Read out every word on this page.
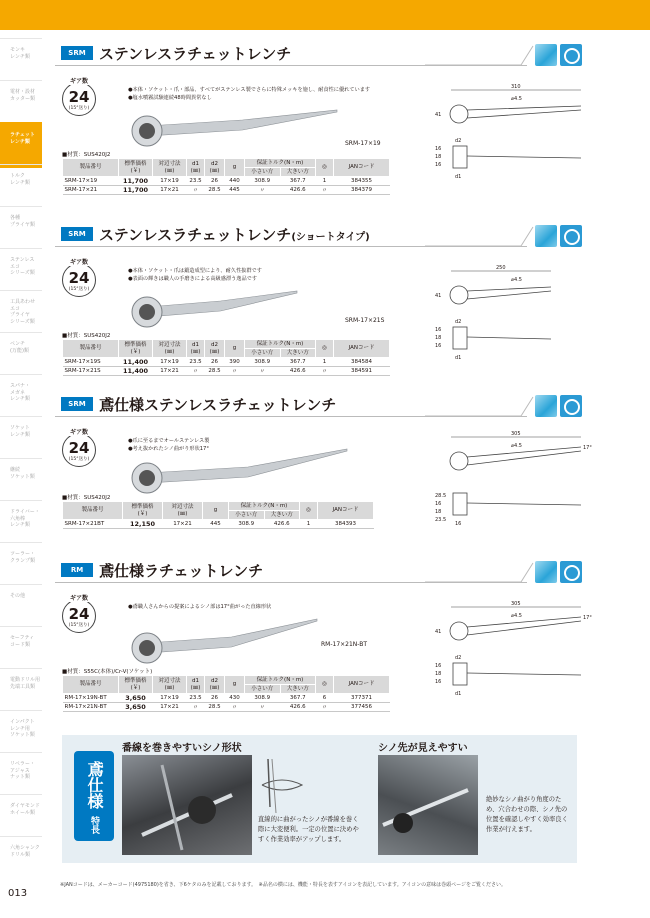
モンキ
レンチ類
電材・設材
カッター類
ラチェット
レンチ類
トルク
レンチ類
各種
プライヤ類
ステンレス
エコ
シリーズ類
工具あわせ
エコ
プライヤ
シリーズ類
ペンチ
(万能)類
スパナ・
メガネ
レンチ類
ソケット
レンチ類
継続
ソケット類
ドライバー・
六角棒
レンチ類
ツーラー・
クランプ類
その他
セーフティ
コード類
電動ドリル用
先端工具類
インパクト
レンチ用
ソケット類
リペラー・
アジャス
ナット類
ダイヤモンド
ホイール類
六角シャンク
ドリル類
SRM ステンレスラチェットレンチ
ギア数
24
(15°送り)
●本体・ソケット・爪・部品、すべてがステンレス製でさらに特殊メッキを施し、耐食性に優れています
●塩水噴霧試験連続48時間異常なし
SRM-17×19
■材質：SUS420J2
製品番号	標準価格
(￥)	対辺寸法
(㎜)	d1
(㎜)	d2
(㎜)	g	保証トルク(N・m)		◎	JANコード
						小さい方	大きい方		
SRM-17×19	11,700	17×19	23.5	26	440	308.9	367.7	1	384355
SRM-17×21	11,700	17×21	〃	28.5	445	〃	426.6	〃	384379
310
⌀4.5
41
d2
16
18
16
d1
SRM ステンレスラチェットレンチ(ショートタイプ)
ギア数
24
(15°送り)
●本体・ソケット・爪は鍛造成型により、耐久性抜群です
●表面の輝きは職人の手磨きによる高級感漂う逸品です
SRM-17×21S
■材質：SUS420J2
製品番号	標準価格
(￥)	対辺寸法
(㎜)	d1
(㎜)	d2
(㎜)	g	保証トルク(N・m)		◎	JANコード
						小さい方	大きい方		
SRM-17×19S	11,400	17×19	23.5	26	390	308.9	367.7	1	384584
SRM-17×21S	11,400	17×21	〃	28.5	〃	〃	426.6	〃	384591
250
⌀4.5
41
d2
16
18
16
d1
SRM 鳶仕様ステンレスラチェットレンチ
ギア数
24
(15°送り)
●爪に至るまでオールステンレス製
●考え抜かれたシノ曲がり形状17°
■材質：SUS420J2
製品番号	標準価格
(￥)	対辺寸法
(㎜)	g	保証トルク(N・m)		◎	JANコード
				小さい方	大きい方		
SRM-17×21BT	12,150	17×21	445	308.9	426.6	1	384393
305
⌀4.5	17°
28.5
16
18
16
23.5
RM	鳶仕様ラチェットレンチ
ギア数
24
(15°送り)
●鳶職人さんからの提案によるシノ部は17°曲がった直線形状
RM-17×21N-BT
■材質：S55C(本体)/Cr-V(ソケット)
製品番号	標準価格
(￥)	対辺寸法
(㎜)	d1
(㎜)	d2
(㎜)	g	保証トルク(N・m)		◎	JANコード
						小さい方	大きい方		
RM-17×19N-BT	3,650	17×19	23.5	26	430	308.9	367.7	6	377371
RM-17×21N-BT	3,650	17×21	〃	28.5	〃	〃	426.6	〃	377456
305
⌀4.5	17°
41
d2
16
18
16
d1
鳶仕様
特長
番線を巻きやすいシノ形状
直線的に曲がったシノが番線を巻く際に大変便利。一定の位置に決めやすく作業効率がアップします。
シノ先が見えやすい
絶妙なシノ曲がり角度のため、穴合わせの際、シノ先の位置を確認しやすく効率良く作業が行えます。
013
※JANコードは、メーカーコード(4975180)を省き、下6ケタのみを記載しております。　※品名の横には、機能・特長を表すアイコンを表記しています。アイコンの意味は巻頭ページをご覧ください。
